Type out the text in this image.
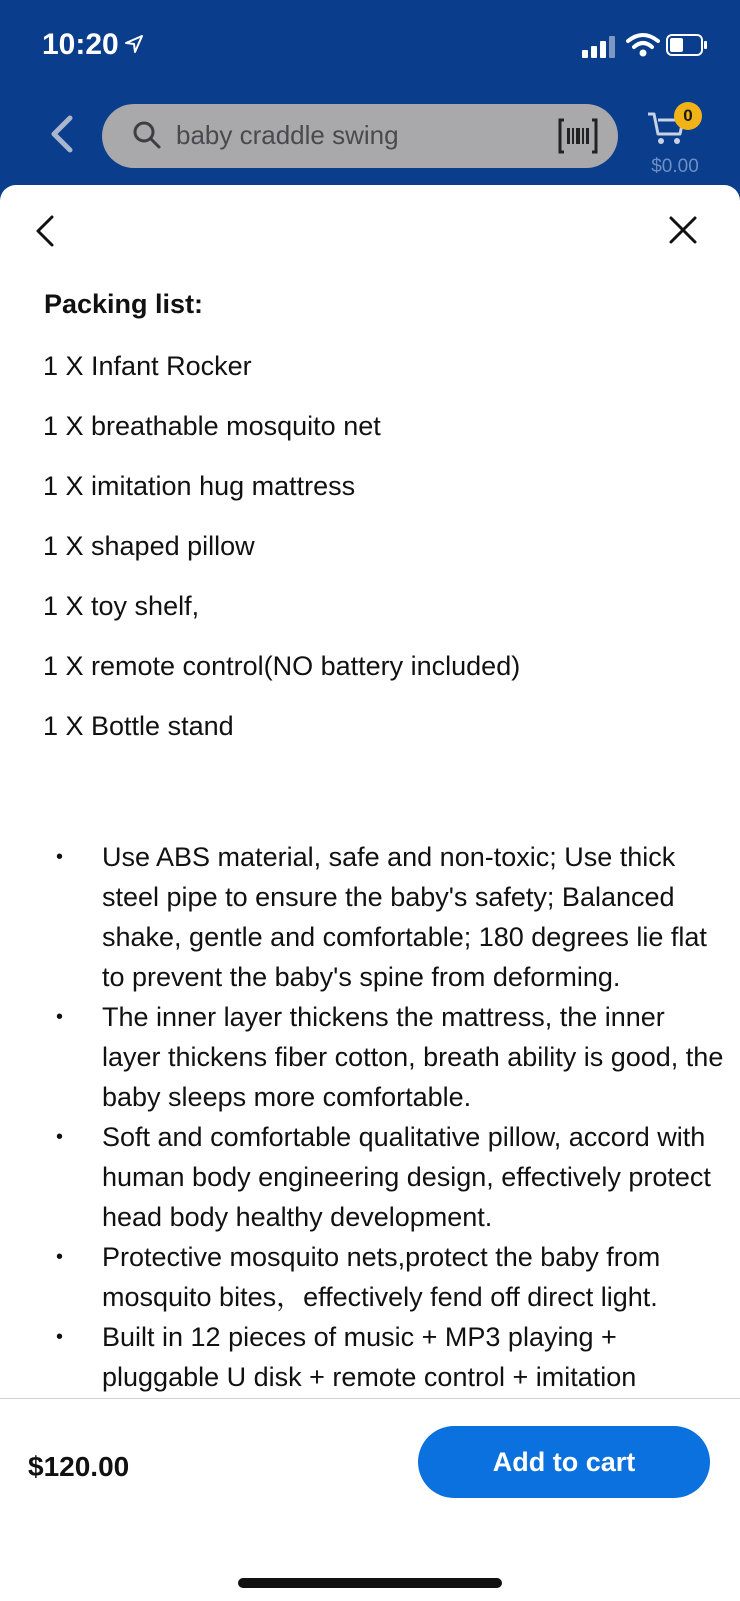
10:20
baby craddle swing
0
$0.00
Packing list:
1 X Infant Rocker
1 X breathable mosquito net
1 X imitation hug mattress
1 X shaped pillow
1 X toy shelf,
1 X remote control(NO battery included)
1 X Bottle stand
• Use ABS material, safe and non-toxic; Use thick steel pipe to ensure the baby's safety; Balanced shake, gentle and comfortable; 180 degrees lie flat to prevent the baby's spine from deforming.
• The inner layer thickens the mattress, the inner layer thickens fiber cotton, breath ability is good, the baby sleeps more comfortable.
• Soft and comfortable qualitative pillow, accord with human body engineering design, effectively protect head body healthy development.
• Protective mosquito nets,protect the baby from mosquito bites，effectively fend off direct light.
• Built in 12 pieces of music + MP3 playing + pluggable U disk + remote control + imitation
$120.00	Add to cart
